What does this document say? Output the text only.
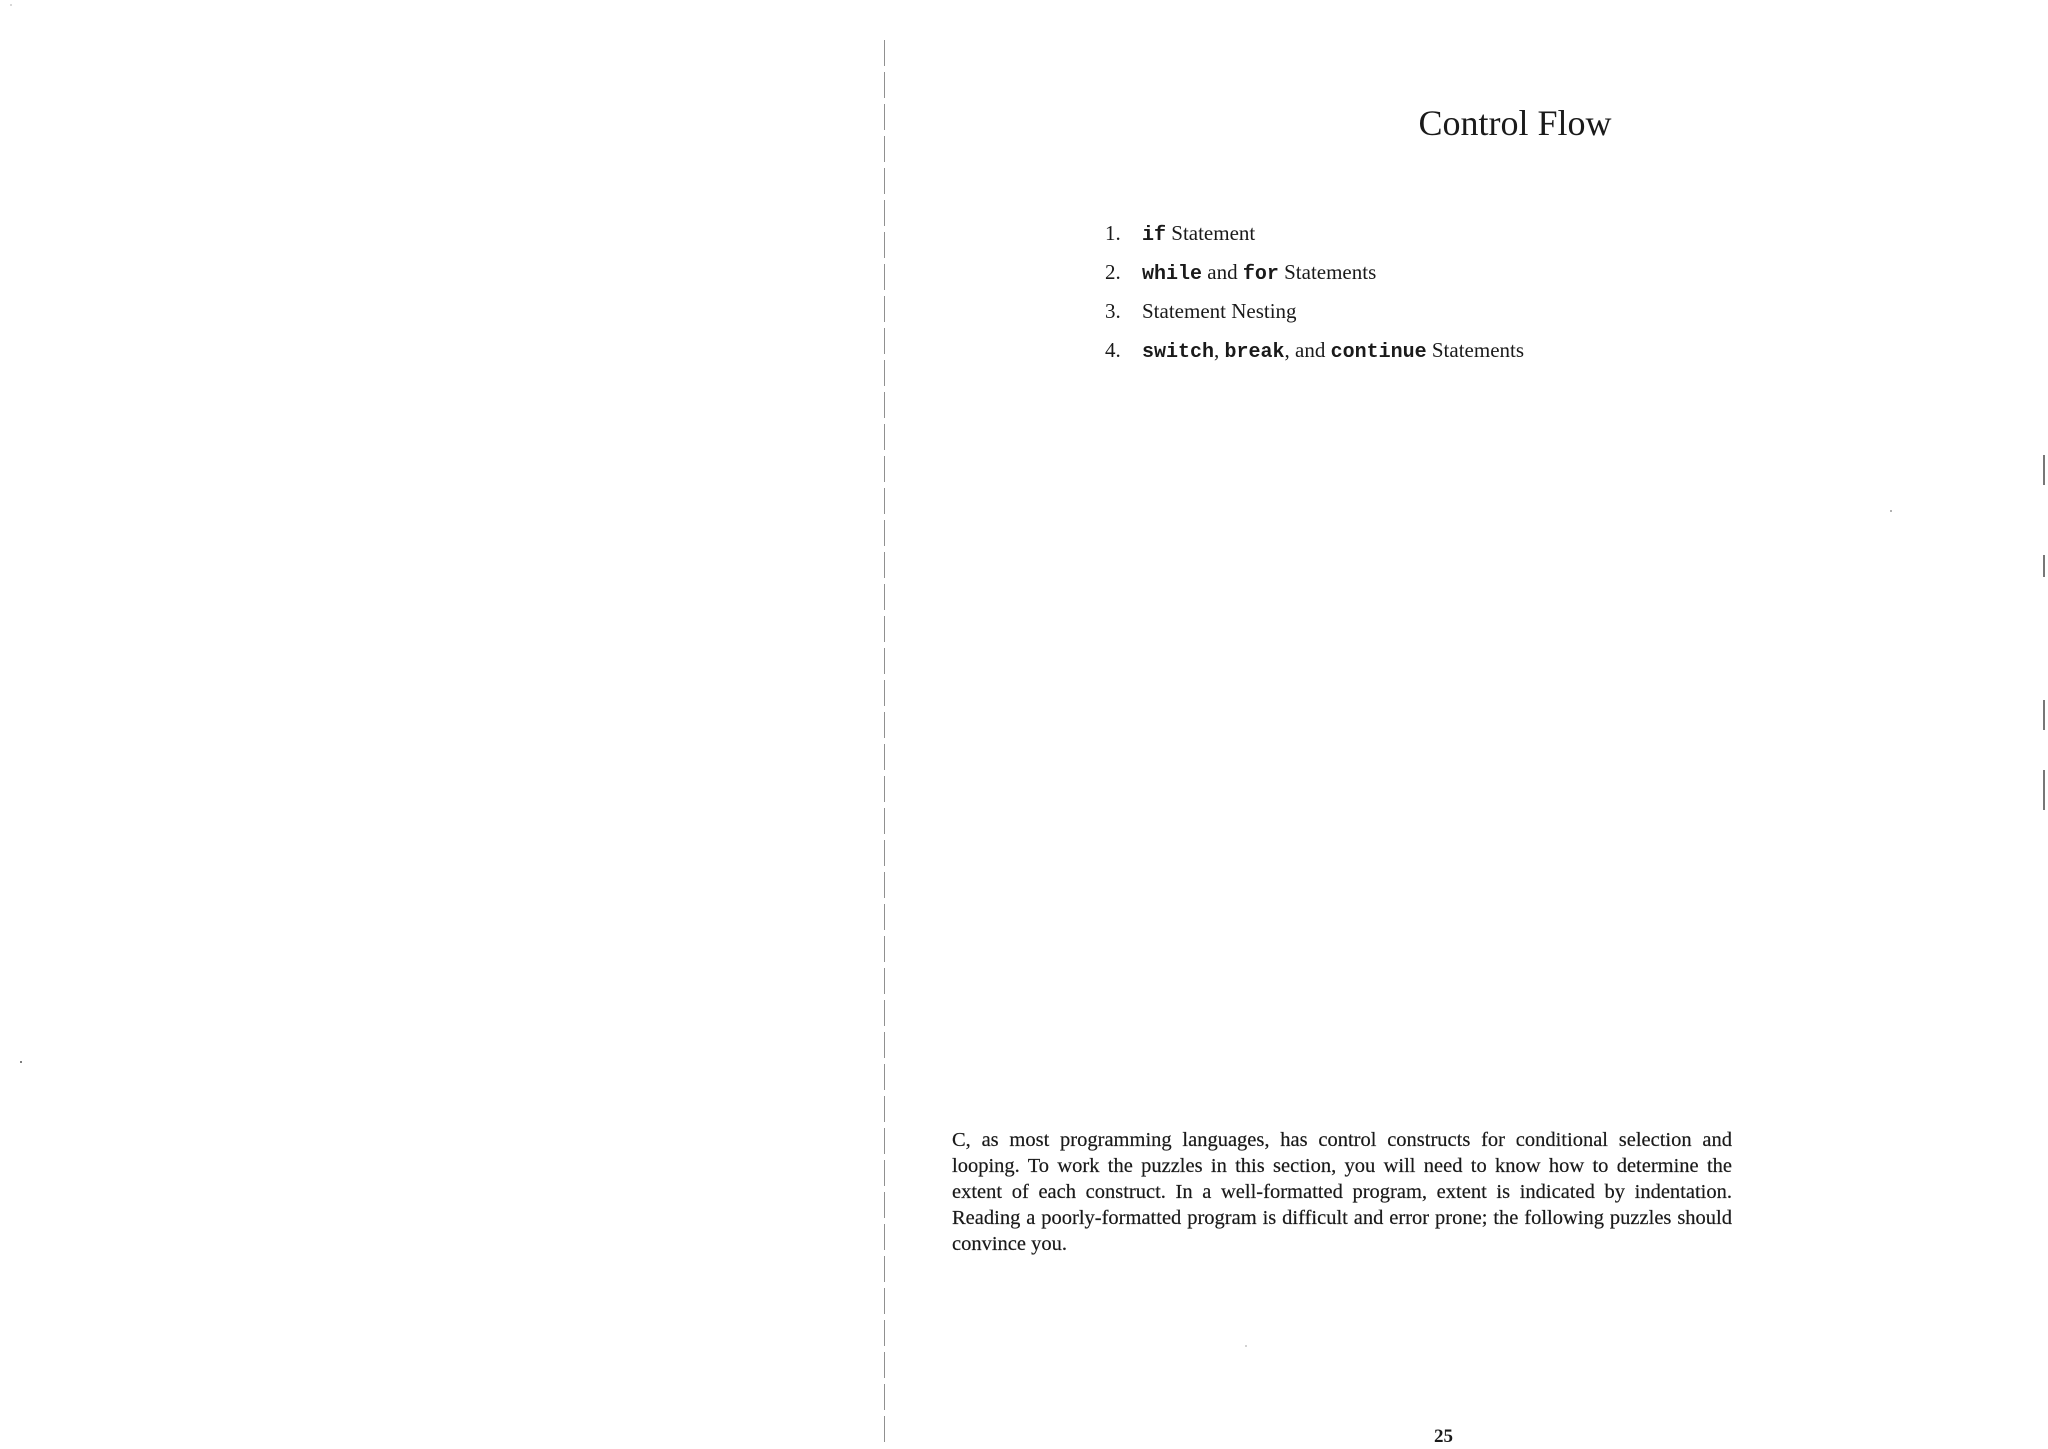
Control Flow
1. if Statement
2. while and for Statements
3. Statement Nesting
4. switch, break, and continue Statements

C, as most programming languages, has control constructs for conditional selection and looping. To work the puzzles in this section, you will need to know how to determine the extent of each construct. In a well-formatted program, extent is indicated by indentation. Reading a poorly-formatted program is difficult and error prone; the following puzzles should convince you.

25
